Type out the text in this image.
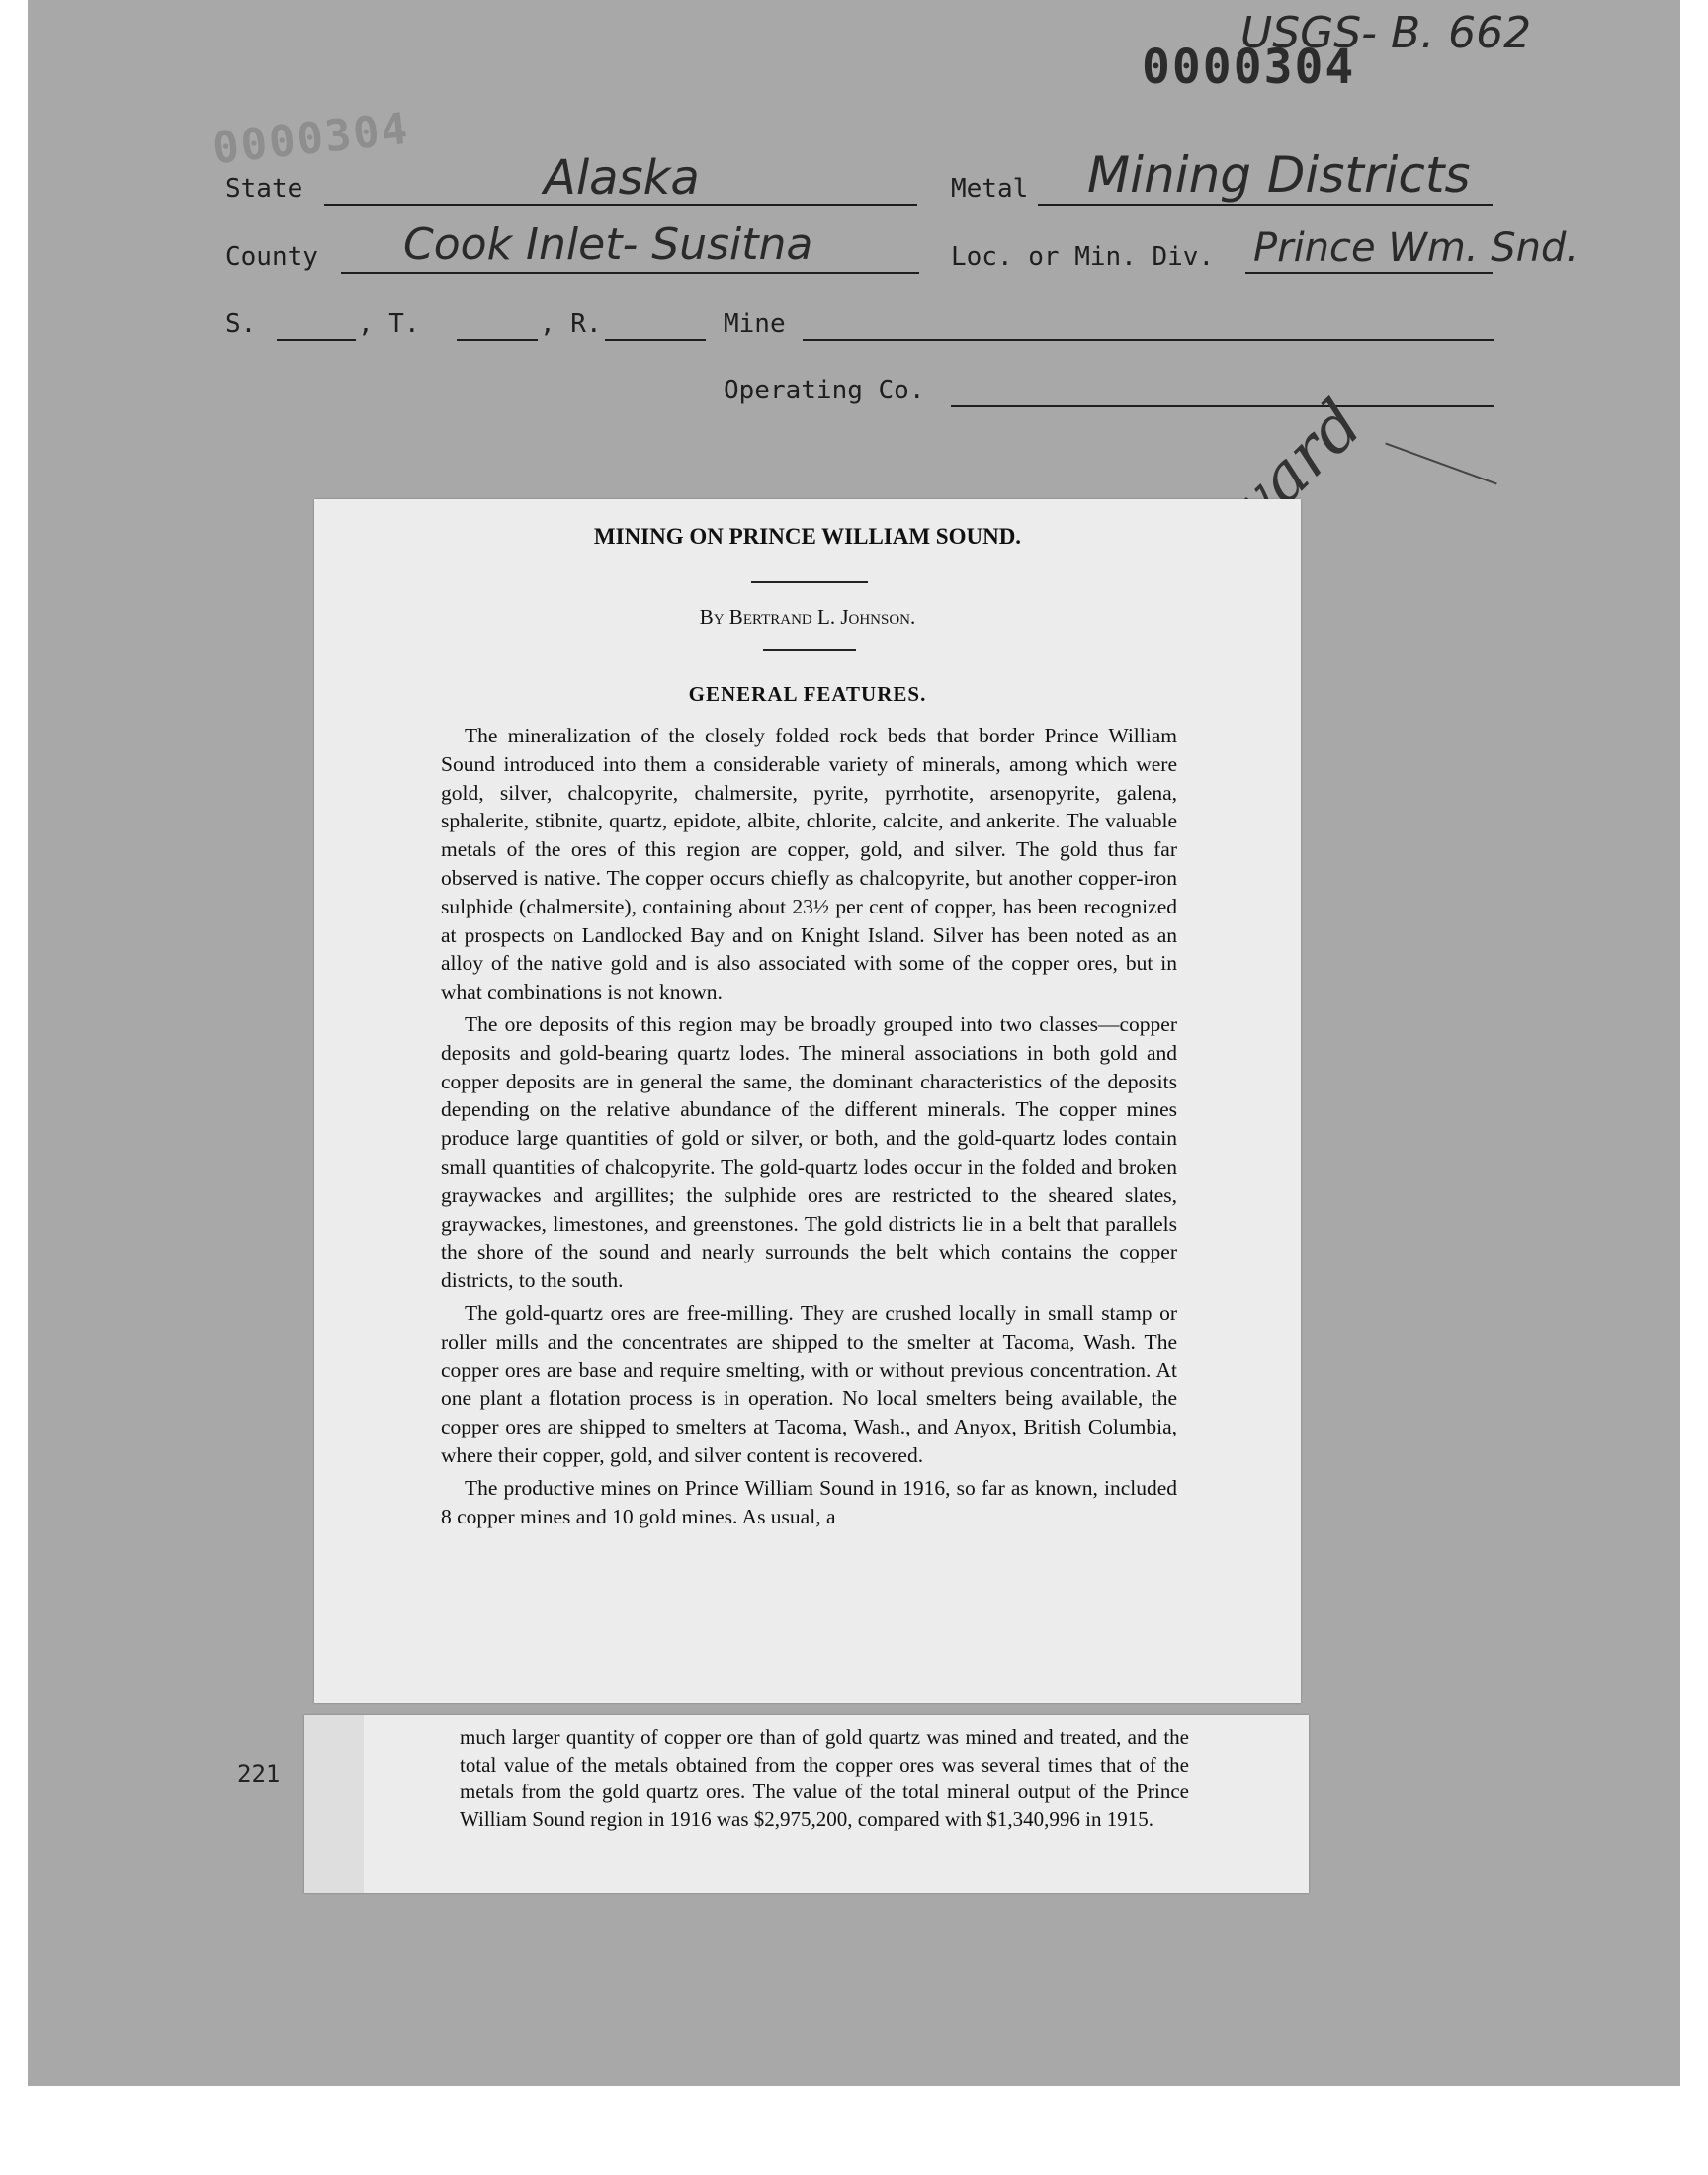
0000304
0000304
USGS- B. 662
State	Alaska	Metal Mining Districts
County Cook Inlet- Susitna	Loc. or Min. Div. Prince Wm. Snd.
S.	, T.	, R.	Mine
Operating Co.
221
MINING ON PRINCE WILLIAM SOUND.
By Bertrand L. Johnson.
GENERAL FEATURES.

The mineralization of the closely folded rock beds that border Prince William Sound introduced into them a considerable variety of minerals, among which were gold, silver, chalcopyrite, chalmersite, pyrite, pyrrhotite, arsenopyrite, galena, sphalerite, stibnite, quartz, epidote, albite, chlorite, calcite, and ankerite. The valuable metals of the ores of this region are copper, gold, and silver. The gold thus far observed is native. The copper occurs chiefly as chalcopyrite, but another copper-iron sulphide (chalmersite), containing about 23½ per cent of copper, has been recognized at prospects on Landlocked Bay and on Knight Island. Silver has been noted as an alloy of the native gold and is also associated with some of the copper ores, but in what combinations is not known.

The ore deposits of this region may be broadly grouped into two classes—copper deposits and gold-bearing quartz lodes. The mineral associations in both gold and copper deposits are in general the same, the dominant characteristics of the deposits depending on the relative abundance of the different minerals. The copper mines produce large quantities of gold or silver, or both, and the gold-quartz lodes contain small quantities of chalcopyrite. The gold-quartz lodes occur in the folded and broken graywackes and argillites; the sulphide ores are restricted to the sheared slates, graywackes, limestones, and greenstones. The gold districts lie in a belt that parallels the shore of the sound and nearly surrounds the belt which contains the copper districts, to the south.

The gold-quartz ores are free-milling. They are crushed locally in small stamp or roller mills and the concentrates are shipped to the smelter at Tacoma, Wash. The copper ores are base and require smelting, with or without previous concentration. At one plant a flotation process is in operation. No local smelters being available, the copper ores are shipped to smelters at Tacoma, Wash., and Anyox, British Columbia, where their copper, gold, and silver content is recovered.

The productive mines on Prince William Sound in 1916, so far as known, included 8 copper mines and 10 gold mines. As usual, a

much larger quantity of copper ore than of gold quartz was mined and treated, and the total value of the metals obtained from the copper ores was several times that of the metals from the gold quartz ores. The value of the total mineral output of the Prince William Sound region in 1916 was $2,975,200, compared with $1,340,996 in 1915.
